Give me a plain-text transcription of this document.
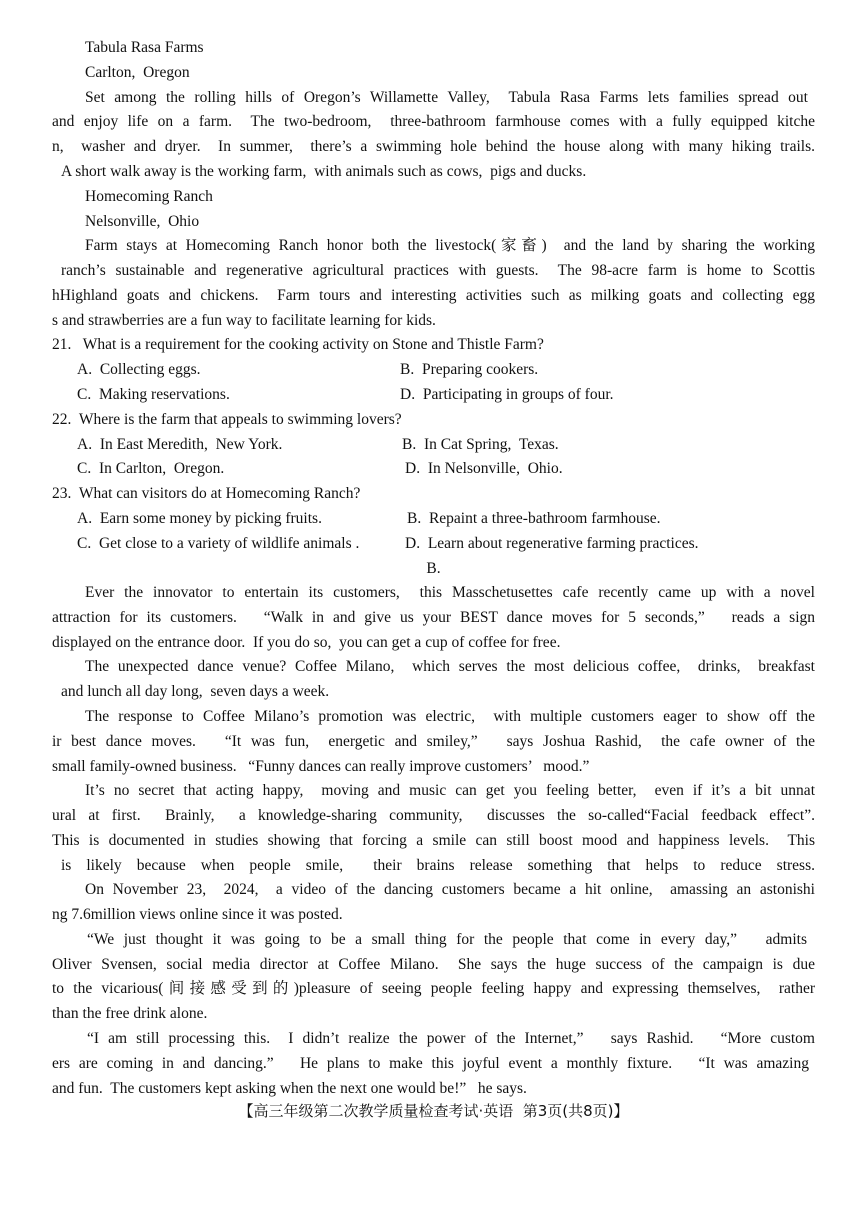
Tabula Rasa Farms
Carlton,  Oregon
Set among the rolling hills of Oregon’s Willamette Valley,  Tabula Rasa Farms lets families spread out
and enjoy life on a farm.  The two-bedroom,  three-bathroom farmhouse comes with a fully equipped kitche
n,  washer and dryer.  In summer,  there’s a swimming hole behind the house along with many hiking trails.
A short walk away is the working farm,  with animals such as cows,  pigs and ducks.
Homecoming Ranch
Nelsonville,  Ohio
Farm stays at Homecoming Ranch honor both the livestock(家畜)  and the land by sharing the working
ranch’s sustainable and regenerative agricultural practices with guests.  The 98-acre farm is home to Scottis
hHighland goats and chickens.  Farm tours and interesting activities such as milking goats and collecting egg
s and strawberries are a fun way to facilitate learning for kids.
21.   What is a requirement for the cooking activity on Stone and Thistle Farm?
A.  Collecting eggs.	B.  Preparing cookers.
C.  Making reservations.	D.  Participating in groups of four.
22.  Where is the farm that appeals to swimming lovers?
A.  In East Meredith,  New York.	B.  In Cat Spring,  Texas.
C.  In Carlton,  Oregon.	D.  In Nelsonville,  Ohio.
23.  What can visitors do at Homecoming Ranch?
A.  Earn some money by picking fruits.	B.  Repaint a three-bathroom farmhouse.
C.  Get close to a variety of wildlife animals .	D.  Learn about regenerative farming practices.
B.
Ever the innovator to entertain its customers,  this Masschetusettes cafe recently came up with a novel
attraction for its customers.   “Walk in and give us your BEST dance moves for 5 seconds,”   reads a sign
displayed on the entrance door.  If you do so,  you can get a cup of coffee for free.
The unexpected dance venue? Coffee Milano,  which serves the most delicious coffee,  drinks,  breakfast
and lunch all day long,  seven days a week.
The response to Coffee Milano’s promotion was electric,  with multiple customers eager to show off the
ir best dance moves.   “It was fun,  energetic and smiley,”   says Joshua Rashid,  the cafe owner of the
small family-owned business.   “Funny dances can really improve customers’   mood.”
It’s no secret that acting happy,  moving and music can get you feeling better,  even if it’s a bit unnat
ural at first.  Brainly,  a knowledge-sharing community,  discusses the so-called“Facial feedback effect”.
This is documented in studies showing that forcing a smile can still boost mood and happiness levels.  This
is likely because when people smile,  their brains release something that helps to reduce stress.
On November 23,  2024,  a video of the dancing customers became a hit online,  amassing an astonishi
ng 7.6million views online since it was posted.
“We just thought it was going to be a small thing for the people that come in every day,”   admits
Oliver Svensen, social media director at Coffee Milano.  She says the huge success of the campaign is due
to the vicarious(间接感受到的)pleasure of seeing people feeling happy and expressing themselves,  rather
than the free drink alone.
“I am still processing this.  I didn’t realize the power of the Internet,”   says Rashid.   “More custom
ers are coming in and dancing.”   He plans to make this joyful event a monthly fixture.   “It was amazing
and fun.  The customers kept asking when the next one would be!”   he says.
【高三年级第二次教学质量检查考试·英语  第3页(共8页)】
